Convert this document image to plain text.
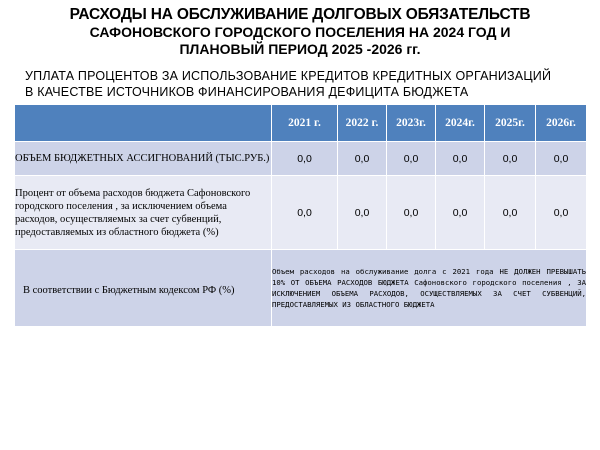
РАСХОДЫ НА ОБСЛУЖИВАНИЕ ДОЛГОВЫХ ОБЯЗАТЕЛЬСТВ
САФОНОВСКОГО ГОРОДСКОГО ПОСЕЛЕНИЯ НА 2024 ГОД И
ПЛАНОВЫЙ ПЕРИОД 2025 -2026 гг.
УПЛАТА ПРОЦЕНТОВ ЗА ИСПОЛЬЗОВАНИЕ КРЕДИТОВ КРЕДИТНЫХ ОРГАНИЗАЦИЙ
В КАЧЕСТВЕ ИСТОЧНИКОВ ФИНАНСИРОВАНИЯ ДЕФИЦИТА БЮДЖЕТА
	2021 г.	2022 г.	2023г.	2024г.	2025г.	2026г.
ОБЪЕМ БЮДЖЕТНЫХ АССИГНОВАНИЙ (ТЫС.РУБ.)	0,0	0,0	0,0	0,0	0,0	0,0
Процент от объема расходов бюджета Сафоновского городского поселения , за исключением объема расходов, осуществляемых за счет субвенций, предоставляемых из областного бюджета (%)	0,0	0,0	0,0	0,0	0,0	0,0
В соответствии с Бюджетным кодексом РФ (%)	Объем расходов на обслуживание долга с 2021 года НЕ ДОЛЖЕН ПРЕВЫШАТЬ 10% ОТ ОБЪЕМА РАСХОДОВ БЮДЖЕТА Сафоновского городского поселения , ЗА ИСКЛЮЧЕНИЕМ ОБЪЕМА РАСХОДОВ, ОСУЩЕСТВЛЯЕМЫХ ЗА СЧЕТ СУБВЕНЦИЙ, ПРЕДОСТАВЛЯЕМЫХ ИЗ ОБЛАСТНОГО БЮДЖЕТА					
